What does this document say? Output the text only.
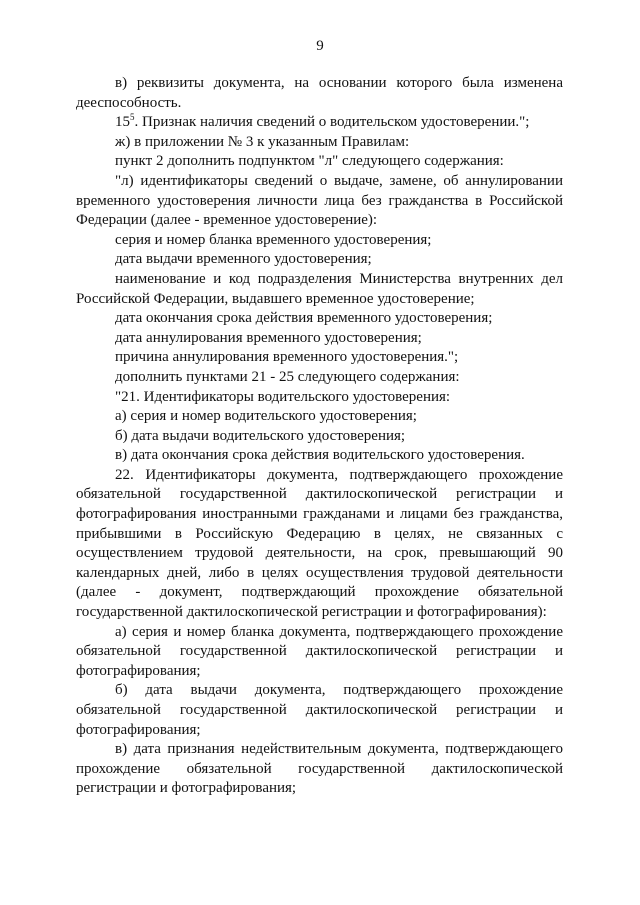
9

в) реквизиты документа, на основании которого была изменена дееспособность.

$15^5$. Признак наличия сведений о водительском удостоверении.";

ж) в приложении № 3 к указанным Правилам:

пункт 2 дополнить подпунктом "л" следующего содержания:

"л) идентификаторы сведений о выдаче, замене, об аннулировании временного удостоверения личности лица без гражданства в Российской Федерации (далее - временное удостоверение):

серия и номер бланка временного удостоверения;

дата выдачи временного удостоверения;

наименование и код подразделения Министерства внутренних дел Российской Федерации, выдавшего временное удостоверение;

дата окончания срока действия временного удостоверения;

дата аннулирования временного удостоверения;

причина аннулирования временного удостоверения.";

дополнить пунктами 21 - 25 следующего содержания:

"21. Идентификаторы водительского удостоверения:

а) серия и номер водительского удостоверения;

б) дата выдачи водительского удостоверения;

в) дата окончания срока действия водительского удостоверения.

22. Идентификаторы документа, подтверждающего прохождение обязательной государственной дактилоскопической регистрации и фотографирования иностранными гражданами и лицами без гражданства, прибывшими в Российскую Федерацию в целях, не связанных с осуществлением трудовой деятельности, на срок, превышающий 90 календарных дней, либо в целях осуществления трудовой деятельности (далее - документ, подтверждающий прохождение обязательной государственной дактилоскопической регистрации и фотографирования):

а) серия и номер бланка документа, подтверждающего прохождение обязательной государственной дактилоскопической регистрации и фотографирования;

б) дата выдачи документа, подтверждающего прохождение обязательной государственной дактилоскопической регистрации и фотографирования;

в) дата признания недействительным документа, подтверждающего прохождение обязательной государственной дактилоскопической регистрации и фотографирования;
